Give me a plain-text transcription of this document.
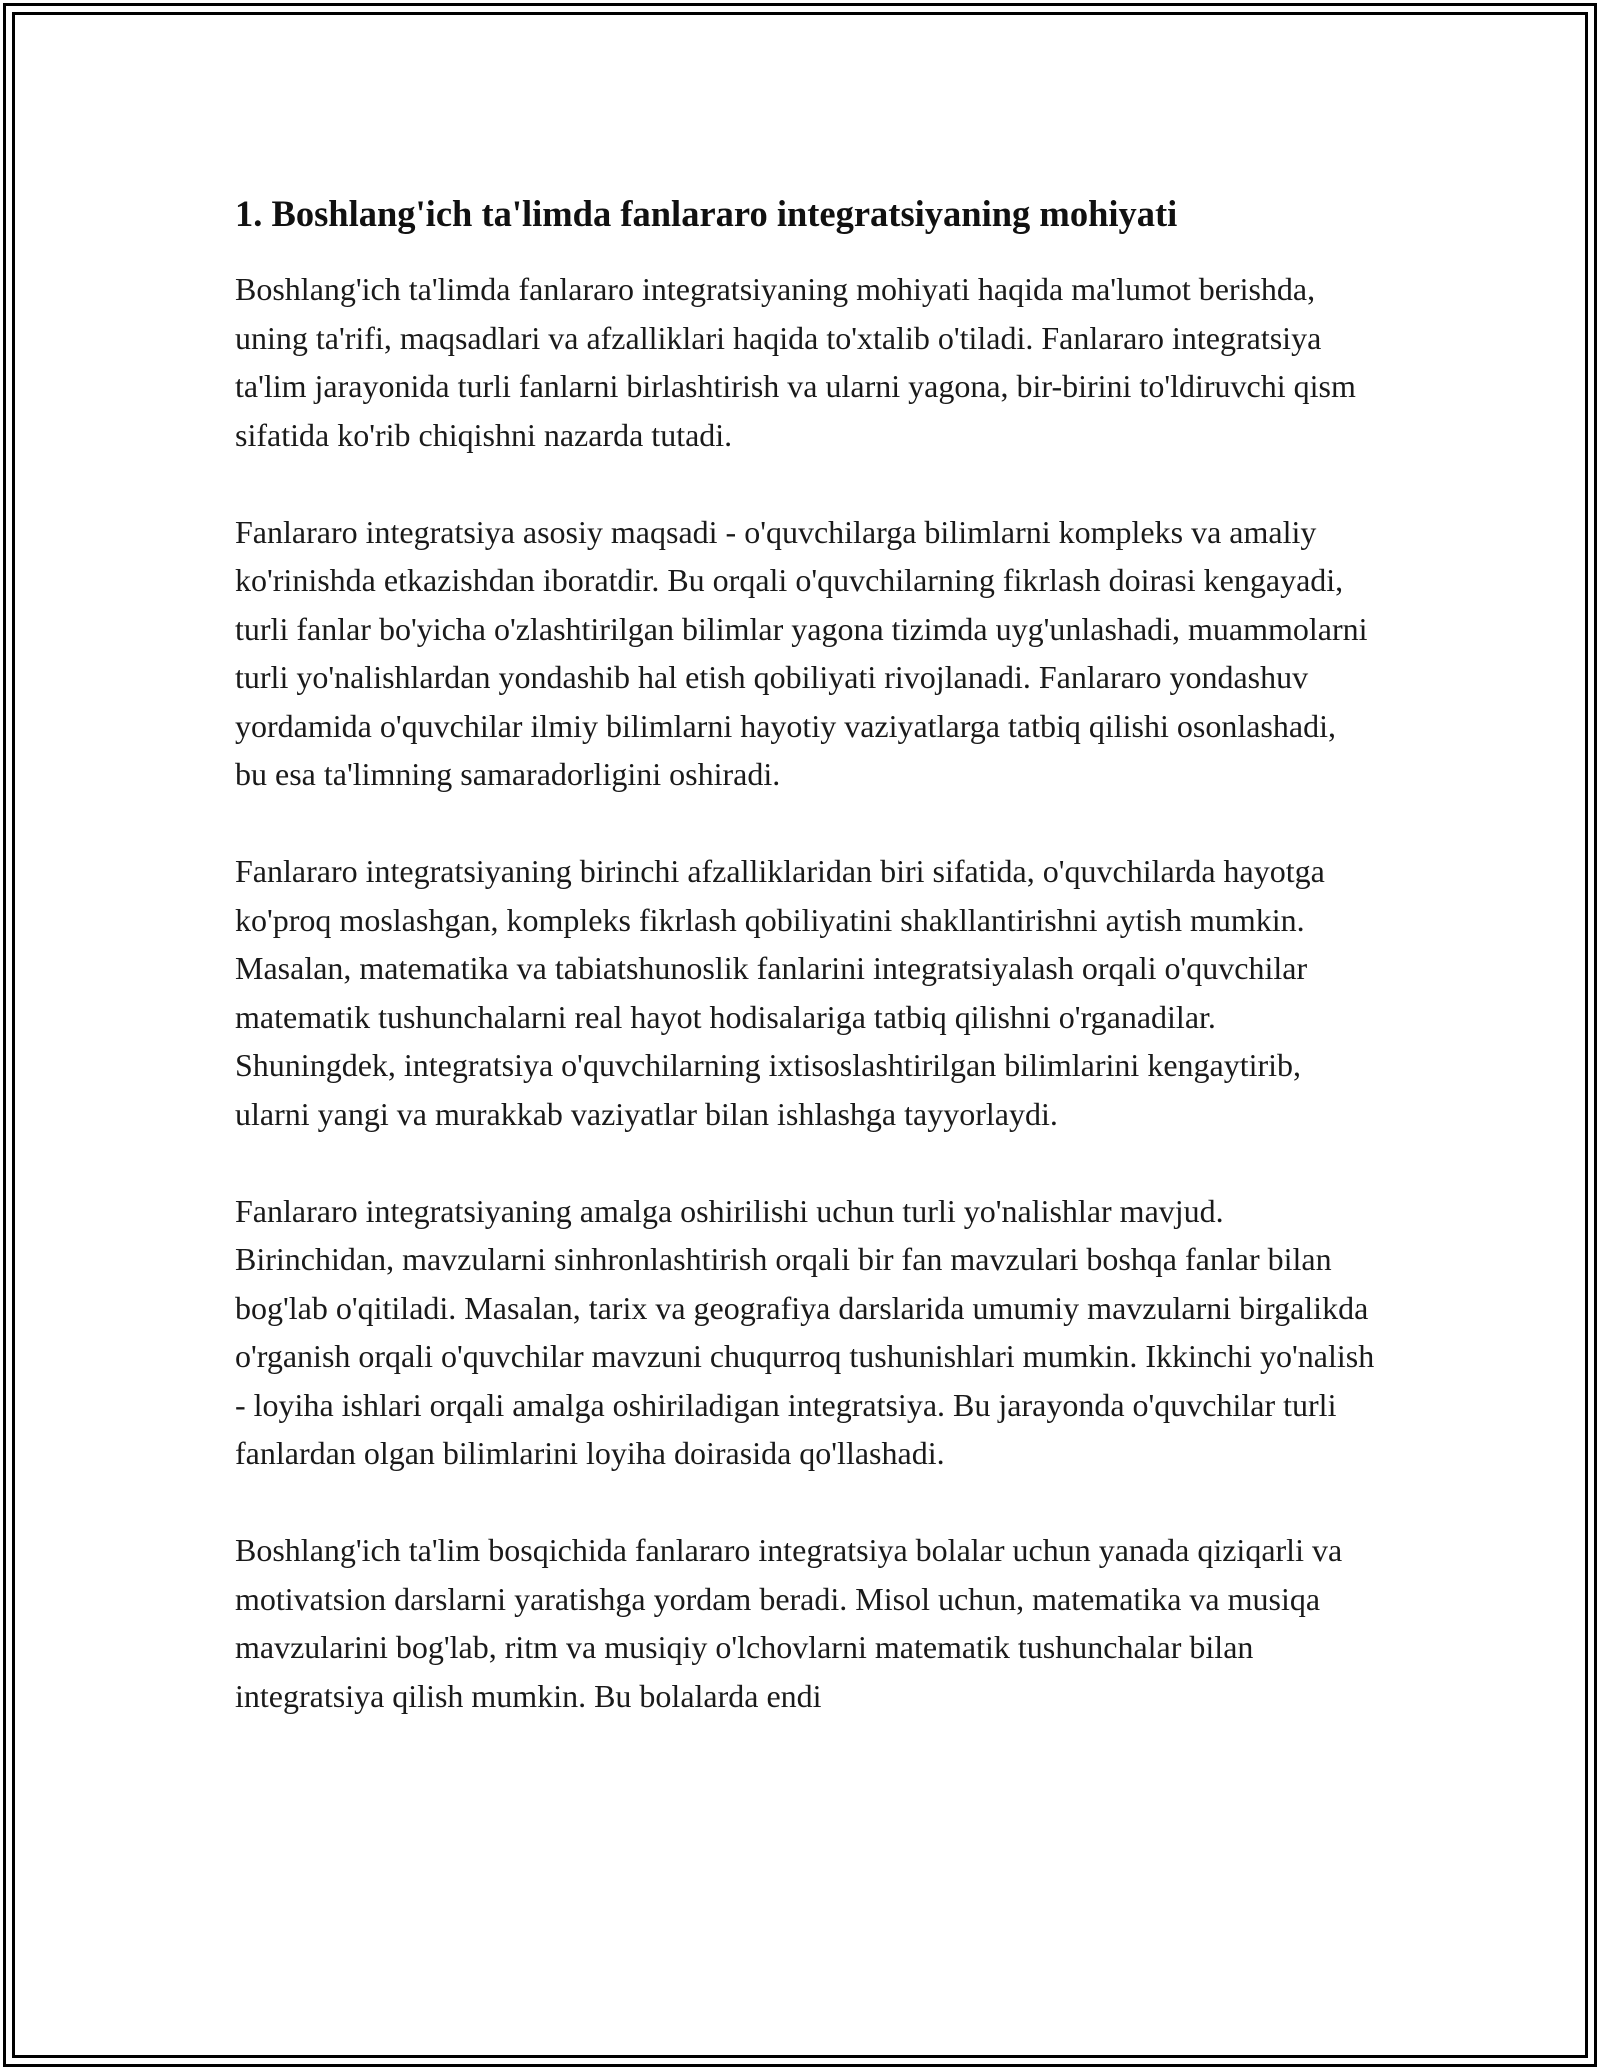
1. Boshlang'ich ta'limda fanlararo integratsiyaning mohiyati

Boshlang'ich ta'limda fanlararo integratsiyaning mohiyati haqida ma'lumot berishda, uning ta'rifi, maqsadlari va afzalliklari haqida to'xtalib o'tiladi. Fanlararo integratsiya ta'lim jarayonida turli fanlarni birlashtirish va ularni yagona, bir-birini to'ldiruvchi qism sifatida ko'rib chiqishni nazarda tutadi.

Fanlararo integratsiya asosiy maqsadi - o'quvchilarga bilimlarni kompleks va amaliy ko'rinishda etkazishdan iboratdir. Bu orqali o'quvchilarning fikrlash doirasi kengayadi, turli fanlar bo'yicha o'zlashtirilgan bilimlar yagona tizimda uyg'unlashadi, muammolarni turli yo'nalishlardan yondashib hal etish qobiliyati rivojlanadi. Fanlararo yondashuv yordamida o'quvchilar ilmiy bilimlarni hayotiy vaziyatlarga tatbiq qilishi osonlashadi, bu esa ta'limning samaradorligini oshiradi.

Fanlararo integratsiyaning birinchi afzalliklaridan biri sifatida, o'quvchilarda hayotga ko'proq moslashgan, kompleks fikrlash qobiliyatini shakllantirishni aytish mumkin. Masalan, matematika va tabiatshunoslik fanlarini integratsiyalash orqali o'quvchilar matematik tushunchalarni real hayot hodisalariga tatbiq qilishni o'rganadilar. Shuningdek, integratsiya o'quvchilarning ixtisoslashtirilgan bilimlarini kengaytirib, ularni yangi va murakkab vaziyatlar bilan ishlashga tayyorlaydi.

Fanlararo integratsiyaning amalga oshirilishi uchun turli yo'nalishlar mavjud. Birinchidan, mavzularni sinhronlashtirish orqali bir fan mavzulari boshqa fanlar bilan bog'lab o'qitiladi. Masalan, tarix va geografiya darslarida umumiy mavzularni birgalikda o'rganish orqali o'quvchilar mavzuni chuqurroq tushunishlari mumkin. Ikkinchi yo'nalish - loyiha ishlari orqali amalga oshiriladigan integratsiya. Bu jarayonda o'quvchilar turli fanlardan olgan bilimlarini loyiha doirasida qo'llashadi.

Boshlang'ich ta'lim bosqichida fanlararo integratsiya bolalar uchun yanada qiziqarli va motivatsion darslarni yaratishga yordam beradi. Misol uchun, matematika va musiqa mavzularini bog'lab, ritm va musiqiy o'lchovlarni matematik tushunchalar bilan integratsiya qilish mumkin. Bu bolalarda endi
